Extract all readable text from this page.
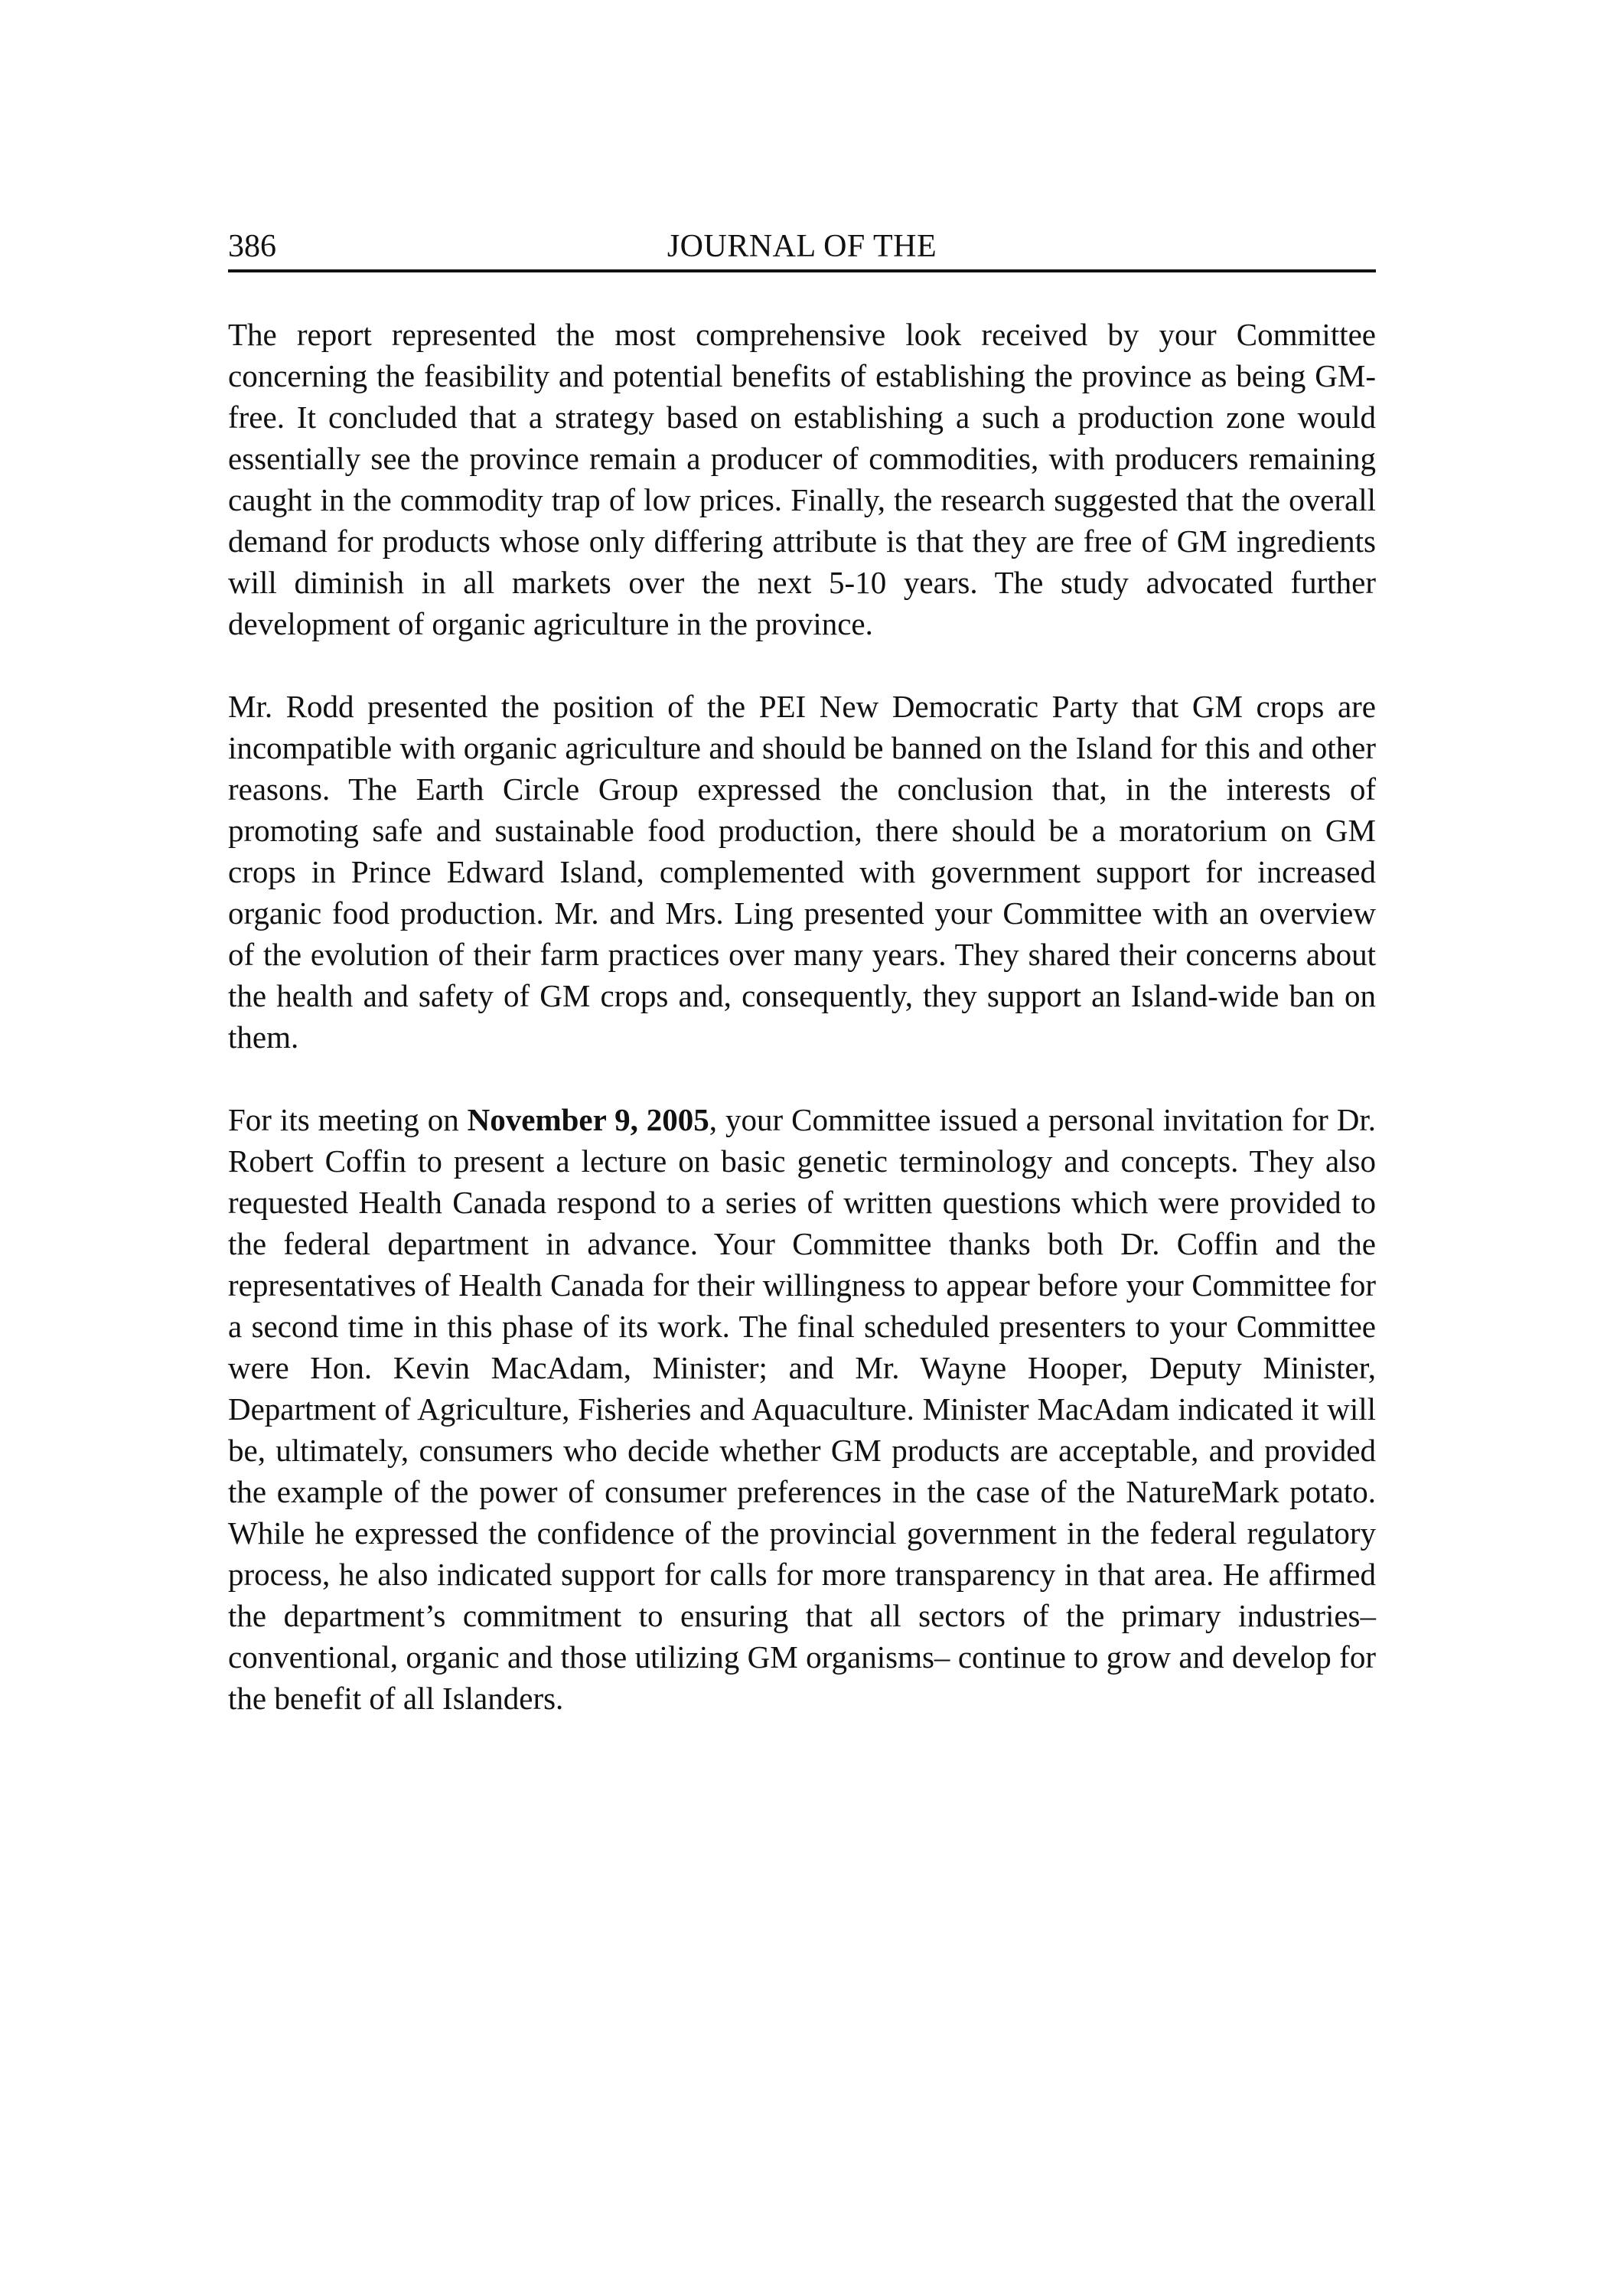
386	JOURNAL OF THE

The report represented the most comprehensive look received by your Committee concerning the feasibility and potential benefits of establishing the province as being GM-free. It concluded that a strategy based on establishing a such a production zone would essentially see the province remain a producer of commodities, with producers remaining caught in the commodity trap of low prices. Finally, the research suggested that the overall demand for products whose only differing attribute is that they are free of GM ingredients will diminish in all markets over the next 5-10 years. The study advocated further development of organic agriculture in the province.

Mr. Rodd presented the position of the PEI New Democratic Party that GM crops are incompatible with organic agriculture and should be banned on the Island for this and other reasons. The Earth Circle Group expressed the conclusion that, in the interests of promoting safe and sustainable food production, there should be a moratorium on GM crops in Prince Edward Island, complemented with government support for increased organic food production. Mr. and Mrs. Ling presented your Committee with an overview of the evolution of their farm practices over many years. They shared their concerns about the health and safety of GM crops and, consequently, they support an Island-wide ban on them.

For its meeting on November 9, 2005, your Committee issued a personal invitation for Dr. Robert Coffin to present a lecture on basic genetic terminology and concepts. They also requested Health Canada respond to a series of written questions which were provided to the federal department in advance. Your Committee thanks both Dr. Coffin and the representatives of Health Canada for their willingness to appear before your Committee for a second time in this phase of its work. The final scheduled presenters to your Committee were Hon. Kevin MacAdam, Minister; and Mr. Wayne Hooper, Deputy Minister, Department of Agriculture, Fisheries and Aquaculture. Minister MacAdam indicated it will be, ultimately, consumers who decide whether GM products are acceptable, and provided the example of the power of consumer preferences in the case of the NatureMark potato. While he expressed the confidence of the provincial government in the federal regulatory process, he also indicated support for calls for more transparency in that area. He affirmed the department’s commitment to ensuring that all sectors of the primary industries–conventional, organic and those utilizing GM organisms– continue to grow and develop for the benefit of all Islanders.
